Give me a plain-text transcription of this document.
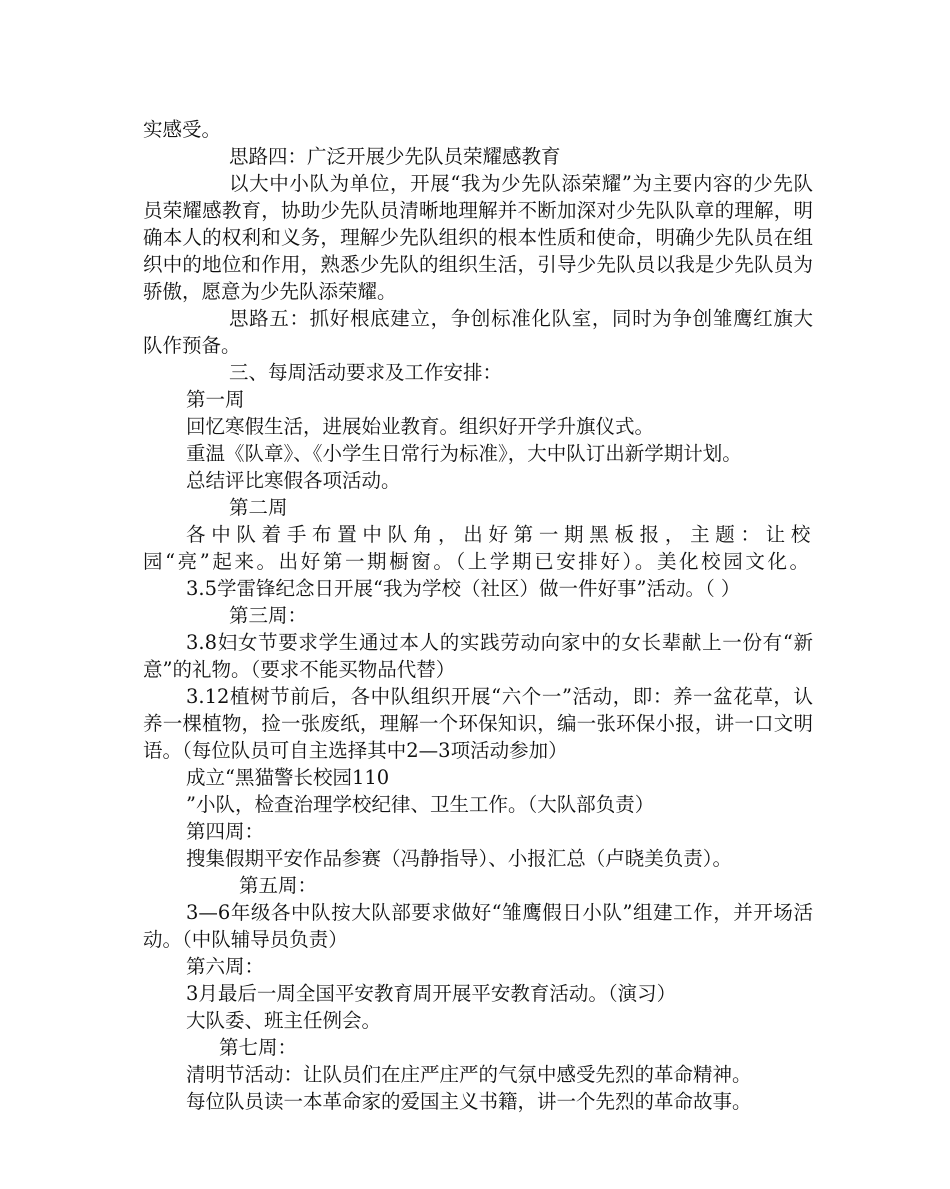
实感受。

思路四：广泛开展少先队员荣耀感教育

以大中小队为单位，开展“我为少先队添荣耀”为主要内容的少先队员荣耀感教育，协助少先队员清晰地理解并不断加深对少先队队章的理解，明确本人的权利和义务，理解少先队组织的根本性质和使命，明确少先队员在组织中的地位和作用，熟悉少先队的组织生活，引导少先队员以我是少先队员为骄傲，愿意为少先队添荣耀。

思路五：抓好根底建立，争创标准化队室，同时为争创雏鹰红旗大队作预备。

三、每周活动要求及工作安排：

第一周

回忆寒假生活，进展始业教育。组织好开学升旗仪式。

重温《队章》、《小学生日常行为标准》，大中队订出新学期计划。

总结评比寒假各项活动。

第二周

各中队着手布置中队角，出好第一期黑板报，主题：让校园“亮”起来。出好第一期橱窗。（上学期已安排好）。美化校园文化。

3.5学雷锋纪念日开展“我为学校（社区）做一件好事”活动。（ ）

第三周：

3.8妇女节要求学生通过本人的实践劳动向家中的女长辈献上一份有“新意”的礼物。（要求不能买物品代替）

3.12植树节前后，各中队组织开展“六个一”活动，即：养一盆花草，认养一棵植物，捡一张废纸，理解一个环保知识，编一张环保小报，讲一口文明语。（每位队员可自主选择其中2—3项活动参加）

成立“黑猫警长校园110

”小队，检查治理学校纪律、卫生工作。（大队部负责）

第四周：

搜集假期平安作品参赛（冯静指导）、小报汇总（卢晓美负责）。

第五周：

3—6年级各中队按大队部要求做好“雏鹰假日小队”组建工作，并开场活动。（中队辅导员负责）

第六周：

3月最后一周全国平安教育周开展平安教育活动。（演习）

大队委、班主任例会。

第七周：

清明节活动：让队员们在庄严庄严的气氛中感受先烈的革命精神。

每位队员读一本革命家的爱国主义书籍，讲一个先烈的革命故事。
